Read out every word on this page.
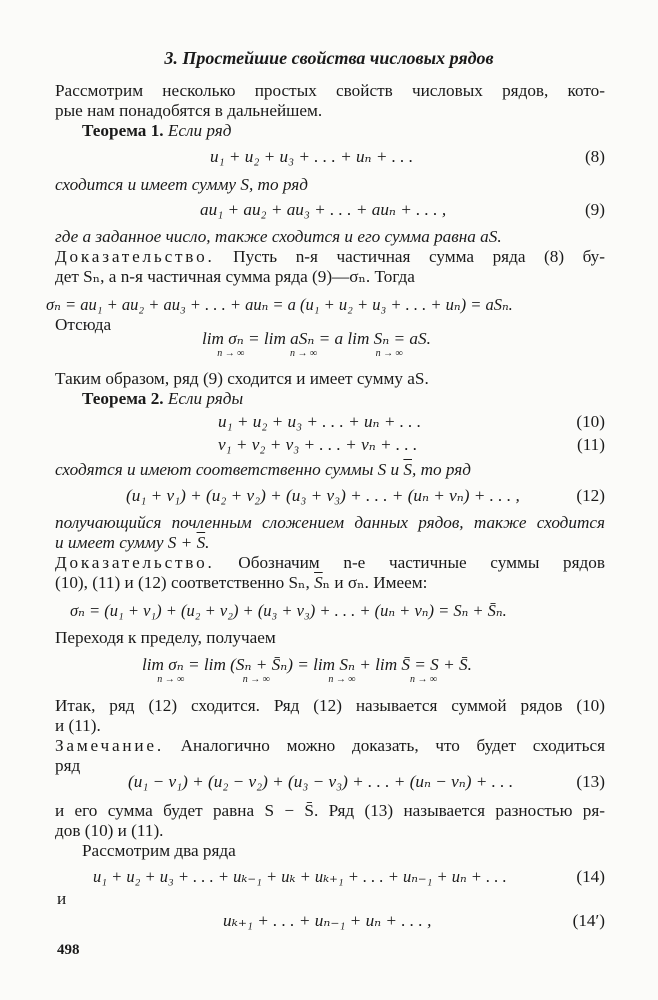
3. Простейшие свойства числовых рядов
Рассмотрим несколько простых свойств числовых рядов, кото-
рые нам понадобятся в дальнейшем.
Теорема 1. Если ряд
u₁ + u₂ + u₃ + . . . + uₙ + . . .	(8)
сходится и имеет сумму S, то ряд
au₁ + au₂ + au₃ + . . . + auₙ + . . . ,	(9)
где a заданное число, также сходится и его сумма равна aS.
Доказательство. Пусть n-я частичная сумма ряда (8) бу-
дет Sₙ, а n-я частичная сумма ряда (9)—σₙ. Тогда
σₙ = au₁ + au₂ + au₃ + . . . + auₙ = a (u₁ + u₂ + u₃ + . . . + uₙ) = aSₙ.
Отсюда
lim σₙ =
n → ∞
lim aSₙ = a
n → ∞
lim Sₙ = aS.
n → ∞
Таким образом, ряд (9) сходится и имеет сумму aS.
Теорема 2. Если ряды
u₁ + u₂ + u₃ + . . . + uₙ + . . .	(10)
v₁ + v₂ + v₃ + . . . + vₙ + . . .	(11)
сходятся и имеют соответственно суммы S и $\overline{S}$, то ряд
(u₁ + v₁) + (u₂ + v₂) + (u₃ + v₃) + . . . + (uₙ + vₙ) + . . . ,	(12)
получающийся почленным сложением данных рядов, также сходится
и имеет сумму $S + \overline{S}$.
Доказательство. Обозначим n-е частичные суммы рядов
(10), (11) и (12) соответственно Sₙ, $\overline{S}_n$ и σₙ. Имеем:
σₙ = (u₁ + v₁) + (u₂ + v₂) + (u₃ + v₃) + . . . + (uₙ + vₙ) = Sₙ + S̄ₙ.
Переходя к пределу, получаем
lim σₙ =
n → ∞
lim (Sₙ + S̄ₙ) =
n → ∞
lim Sₙ +
n → ∞
lim S̄ = S + S̄.
n → ∞
Итак, ряд (12) сходится. Ряд (12) называется суммой рядов (10)
и (11).
Замечание. Аналогично можно доказать, что будет сходиться
ряд
(u₁ − v₁) + (u₂ − v₂) + (u₃ − v₃) + . . . + (uₙ − vₙ) + . . .	(13)
и его сумма будет равна S − S̄. Ряд (13) называется разностью ря-
дов (10) и (11).
Рассмотрим два ряда
u₁ + u₂ + u₃ + . . . + uₖ₋₁ + uₖ + uₖ₊₁ + . . . + uₙ₋₁ + uₙ + . . .	(14)
и
uₖ₊₁ + . . . + uₙ₋₁ + uₙ + . . . ,	(14′)
498
